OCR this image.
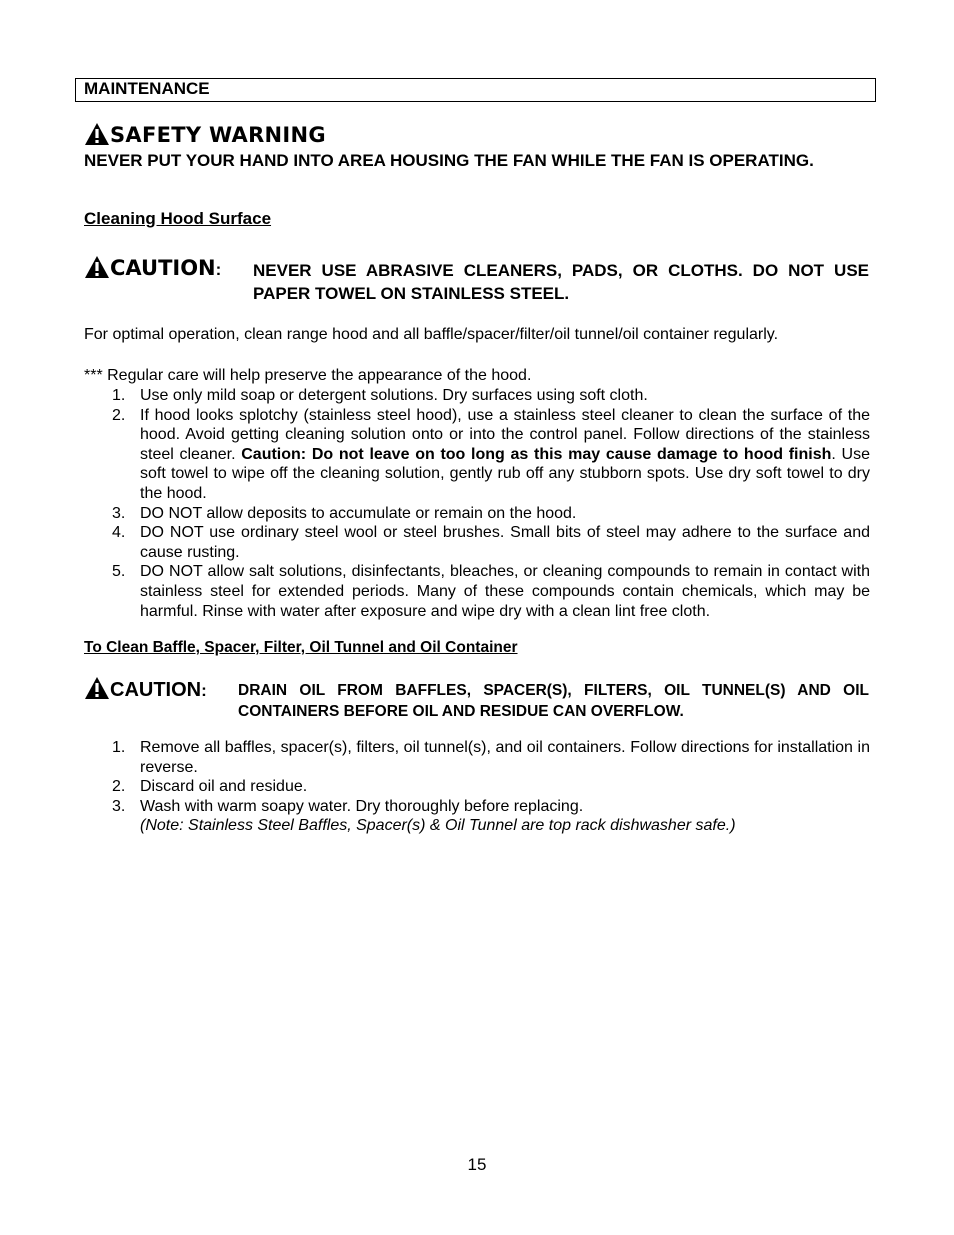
MAINTENANCE
SAFETY WARNING
NEVER PUT YOUR HAND INTO AREA HOUSING THE FAN WHILE THE FAN IS OPERATING.
Cleaning Hood Surface
CAUTION: NEVER USE ABRASIVE CLEANERS, PADS, OR CLOTHS. DO NOT USE PAPER TOWEL ON STAINLESS STEEL.
For optimal operation, clean range hood and all baffle/spacer/filter/oil tunnel/oil container regularly.
*** Regular care will help preserve the appearance of the hood.
1. Use only mild soap or detergent solutions. Dry surfaces using soft cloth.
2. If hood looks splotchy (stainless steel hood), use a stainless steel cleaner to clean the surface of the hood. Avoid getting cleaning solution onto or into the control panel. Follow directions of the stainless steel cleaner. Caution: Do not leave on too long as this may cause damage to hood finish. Use soft towel to wipe off the cleaning solution, gently rub off any stubborn spots. Use dry soft towel to dry the hood.
3. DO NOT allow deposits to accumulate or remain on the hood.
4. DO NOT use ordinary steel wool or steel brushes. Small bits of steel may adhere to the surface and cause rusting.
5. DO NOT allow salt solutions, disinfectants, bleaches, or cleaning compounds to remain in contact with stainless steel for extended periods. Many of these compounds contain chemicals, which may be harmful. Rinse with water after exposure and wipe dry with a clean lint free cloth.
To Clean Baffle, Spacer, Filter, Oil Tunnel and Oil Container
CAUTION: DRAIN OIL FROM BAFFLES, SPACER(S), FILTERS, OIL TUNNEL(S) AND OIL CONTAINERS BEFORE OIL AND RESIDUE CAN OVERFLOW.
1. Remove all baffles, spacer(s), filters, oil tunnel(s), and oil containers. Follow directions for installation in reverse.
2. Discard oil and residue.
3. Wash with warm soapy water. Dry thoroughly before replacing.
(Note: Stainless Steel Baffles, Spacer(s) & Oil Tunnel are top rack dishwasher safe.)
15
